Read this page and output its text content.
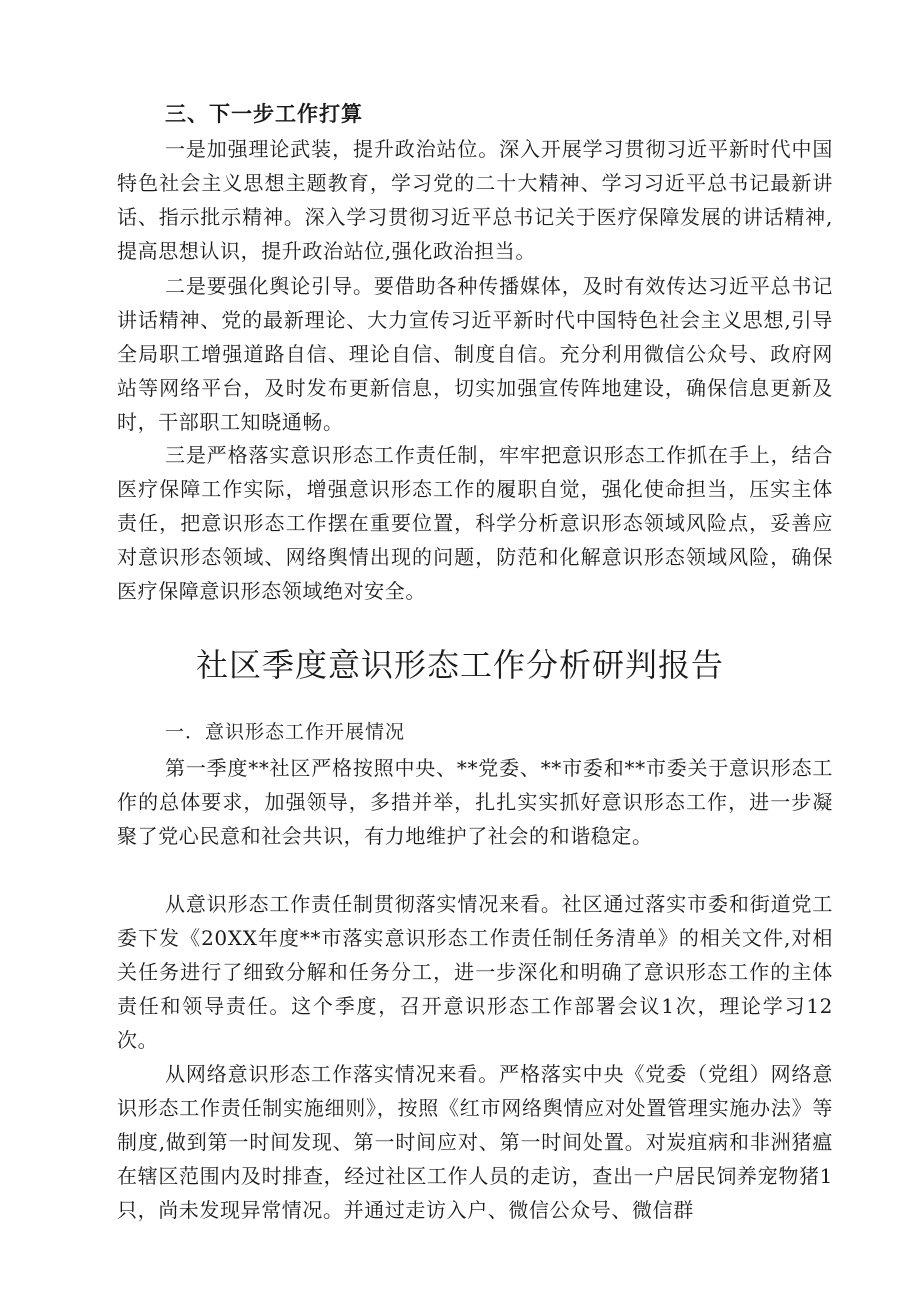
三、下一步工作打算

一是加强理论武装，提升政治站位。深入开展学习贯彻习近平新时代中国特色社会主义思想主题教育，学习党的二十大精神、学习习近平总书记最新讲话、指示批示精神。深入学习贯彻习近平总书记关于医疗保障发展的讲话精神,提高思想认识，提升政治站位,强化政治担当。

二是要强化舆论引导。要借助各种传播媒体，及时有效传达习近平总书记讲话精神、党的最新理论、大力宣传习近平新时代中国特色社会主义思想,引导全局职工增强道路自信、理论自信、制度自信。充分利用微信公众号、政府网站等网络平台，及时发布更新信息，切实加强宣传阵地建设，确保信息更新及时，干部职工知晓通畅。

三是严格落实意识形态工作责任制，牢牢把意识形态工作抓在手上，结合医疗保障工作实际，增强意识形态工作的履职自觉，强化使命担当，压实主体责任，把意识形态工作摆在重要位置，科学分析意识形态领域风险点，妥善应对意识形态领域、网络舆情出现的问题，防范和化解意识形态领域风险，确保医疗保障意识形态领域绝对安全。

社区季度意识形态工作分析研判报告
一．意识形态工作开展情况

第一季度**社区严格按照中央、**党委、**市委和**市委关于意识形态工作的总体要求，加强领导，多措并举，扎扎实实抓好意识形态工作，进一步凝聚了党心民意和社会共识，有力地维护了社会的和谐稳定。

从意识形态工作责任制贯彻落实情况来看。社区通过落实市委和街道党工委下发《20XX年度**市落实意识形态工作责任制任务清单》的相关文件,对相关任务进行了细致分解和任务分工，进一步深化和明确了意识形态工作的主体责任和领导责任。这个季度，召开意识形态工作部署会议1次，理论学习12次。

从网络意识形态工作落实情况来看。严格落实中央《党委（党组）网络意识形态工作责任制实施细则》，按照《红市网络舆情应对处置管理实施办法》等制度,做到第一时间发现、第一时间应对、第一时间处置。对炭疽病和非洲猪瘟在辖区范围内及时排查，经过社区工作人员的走访，查出一户居民饲养宠物猪1只，尚未发现异常情况。并通过走访入户、微信公众号、微信群
